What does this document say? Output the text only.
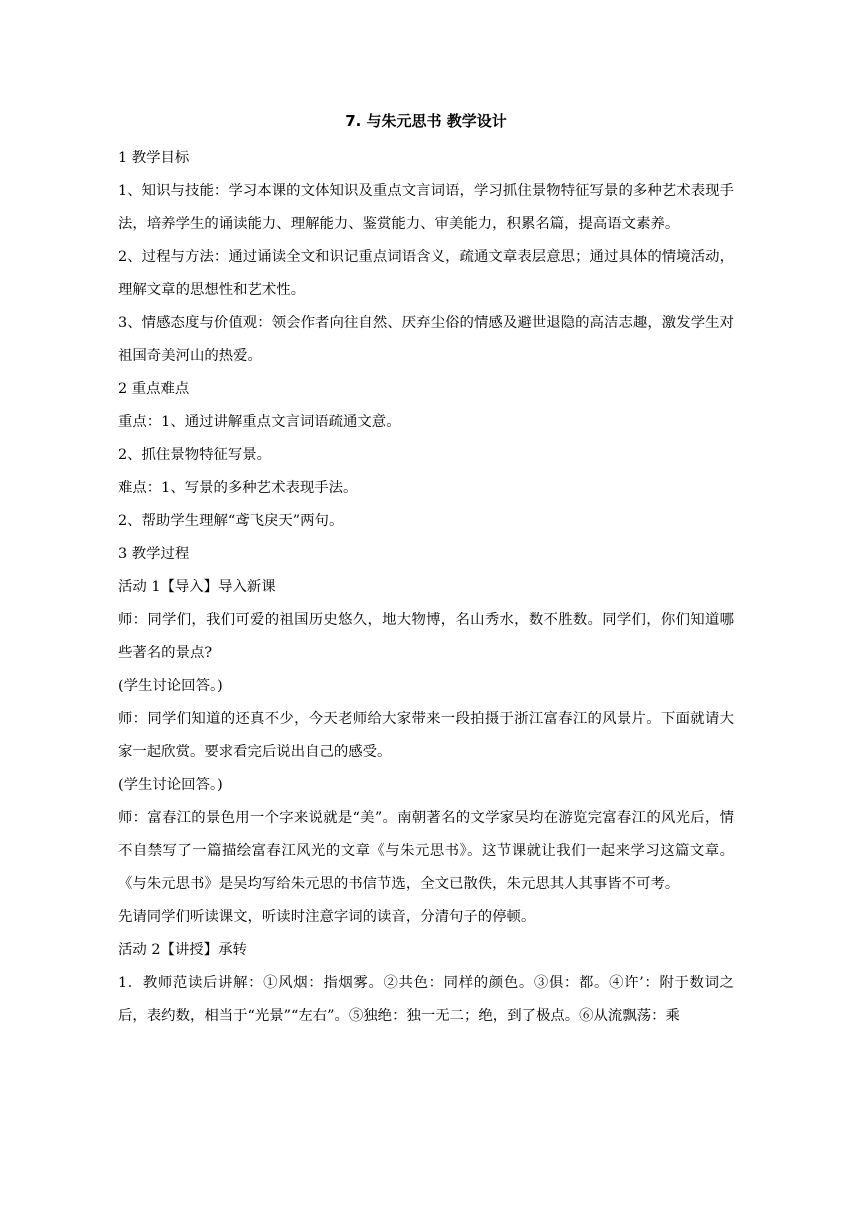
7. 与朱元思书 教学设计

1 教学目标

1、知识与技能：学习本课的文体知识及重点文言词语，学习抓住景物特征写景的多种艺术表现手法，培养学生的诵读能力、理解能力、鉴赏能力、审美能力，积累名篇，提高语文素养。

2、过程与方法：通过诵读全文和识记重点词语含义，疏通文章表层意思；通过具体的情境活动，理解文章的思想性和艺术性。

3、情感态度与价值观：领会作者向往自然、厌弃尘俗的情感及避世退隐的高洁志趣，激发学生对祖国奇美河山的热爱。

2 重点难点

重点：1、通过讲解重点文言词语疏通文意。

2、抓住景物特征写景。

难点：1、写景的多种艺术表现手法。

2、帮助学生理解“鸢飞戾天”两句。

3 教学过程

活动 1【导入】导入新课

师：同学们，我们可爱的祖国历史悠久，地大物博，名山秀水，数不胜数。同学们，你们知道哪些著名的景点?

(学生讨论回答。)

师：同学们知道的还真不少，今天老师给大家带来一段拍摄于浙江富春江的风景片。下面就请大家一起欣赏。要求看完后说出自己的感受。

(学生讨论回答。)

师：富春江的景色用一个字来说就是“美”。南朝著名的文学家吴均在游览完富春江的风光后，情不自禁写了一篇描绘富春江风光的文章《与朱元思书》。这节课就让我们一起来学习这篇文章。《与朱元思书》是吴均写给朱元思的书信节选，全文已散佚，朱元思其人其事皆不可考。

先请同学们听读课文，听读时注意字词的读音，分清句子的停顿。

活动 2【讲授】承转

1．教师范读后讲解：①风烟：指烟雾。②共色：同样的颜色。③俱：都。④许’：附于数词之后，表约数，相当于“光景”“左右”。⑤独绝：独一无二；绝，到了极点。⑥从流飘荡：乘
